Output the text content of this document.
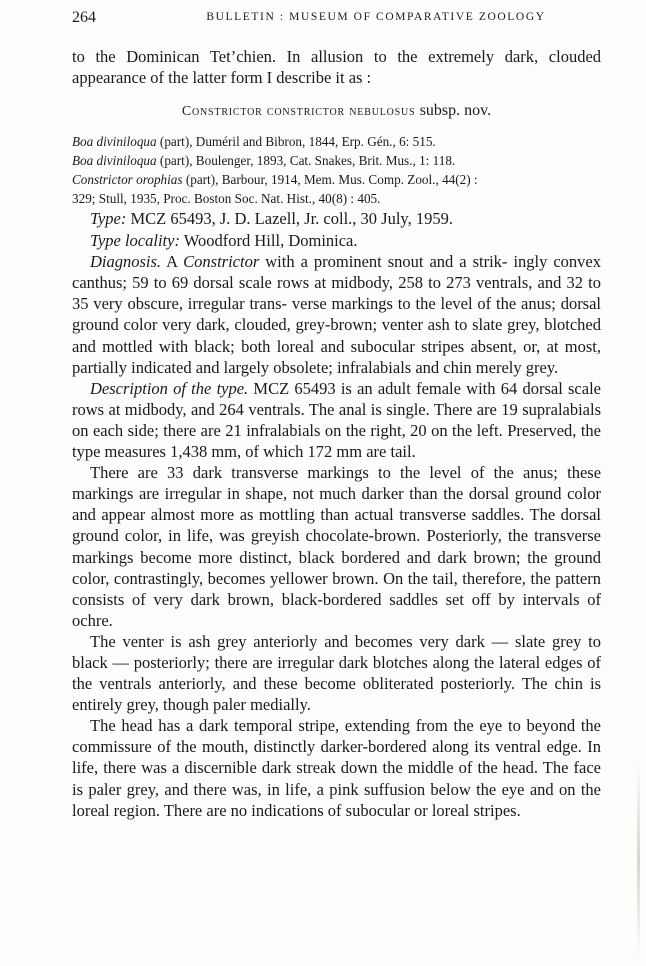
264	BULLETIN : MUSEUM OF COMPARATIVE ZOOLOGY

to the Dominican Tet’chien. In allusion to the extremely dark, clouded appearance of the latter form I describe it as :

Constrictor constrictor nebulosus subsp. nov.

Boa diviniloqua (part), Duméril and Bibron, 1844, Erp. Gén., 6: 515.

Boa diviniloqua (part), Boulenger, 1893, Cat. Snakes, Brit. Mus., 1: 118.

Constrictor orophias (part), Barbour, 1914, Mem. Mus. Comp. Zool., 44(2) :

329; Stull, 1935, Proc. Boston Soc. Nat. Hist., 40(8) : 405.

Type: MCZ 65493, J. D. Lazell, Jr. coll., 30 July, 1959.

Type locality: Woodford Hill, Dominica.

Diagnosis. A Constrictor with a prominent snout and a strik- ingly convex canthus; 59 to 69 dorsal scale rows at midbody, 258 to 273 ventrals, and 32 to 35 very obscure, irregular trans- verse markings to the level of the anus; dorsal ground color very dark, clouded, grey-brown; venter ash to slate grey, blotched and mottled with black; both loreal and subocular stripes absent, or, at most, partially indicated and largely obsolete; infralabials and chin merely grey.

Description of the type. MCZ 65493 is an adult female with 64 dorsal scale rows at midbody, and 264 ventrals. The anal is single. There are 19 supralabials on each side; there are 21 infralabials on the right, 20 on the left. Preserved, the type measures 1,438 mm, of which 172 mm are tail.

There are 33 dark transverse markings to the level of the anus; these markings are irregular in shape, not much darker than the dorsal ground color and appear almost more as mottling than actual transverse saddles. The dorsal ground color, in life, was greyish chocolate-brown. Posteriorly, the transverse markings become more distinct, black bordered and dark brown; the ground color, contrastingly, becomes yellower brown. On the tail, therefore, the pattern consists of very dark brown, black-bordered saddles set off by intervals of ochre.

The venter is ash grey anteriorly and becomes very dark — slate grey to black — posteriorly; there are irregular dark blotches along the lateral edges of the ventrals anteriorly, and these become obliterated posteriorly. The chin is entirely grey, though paler medially.

The head has a dark temporal stripe, extending from the eye to beyond the commissure of the mouth, distinctly darker-bordered along its ventral edge. In life, there was a discernible dark streak down the middle of the head. The face is paler grey, and there was, in life, a pink suffusion below the eye and on the loreal region. There are no indications of subocular or loreal stripes.
